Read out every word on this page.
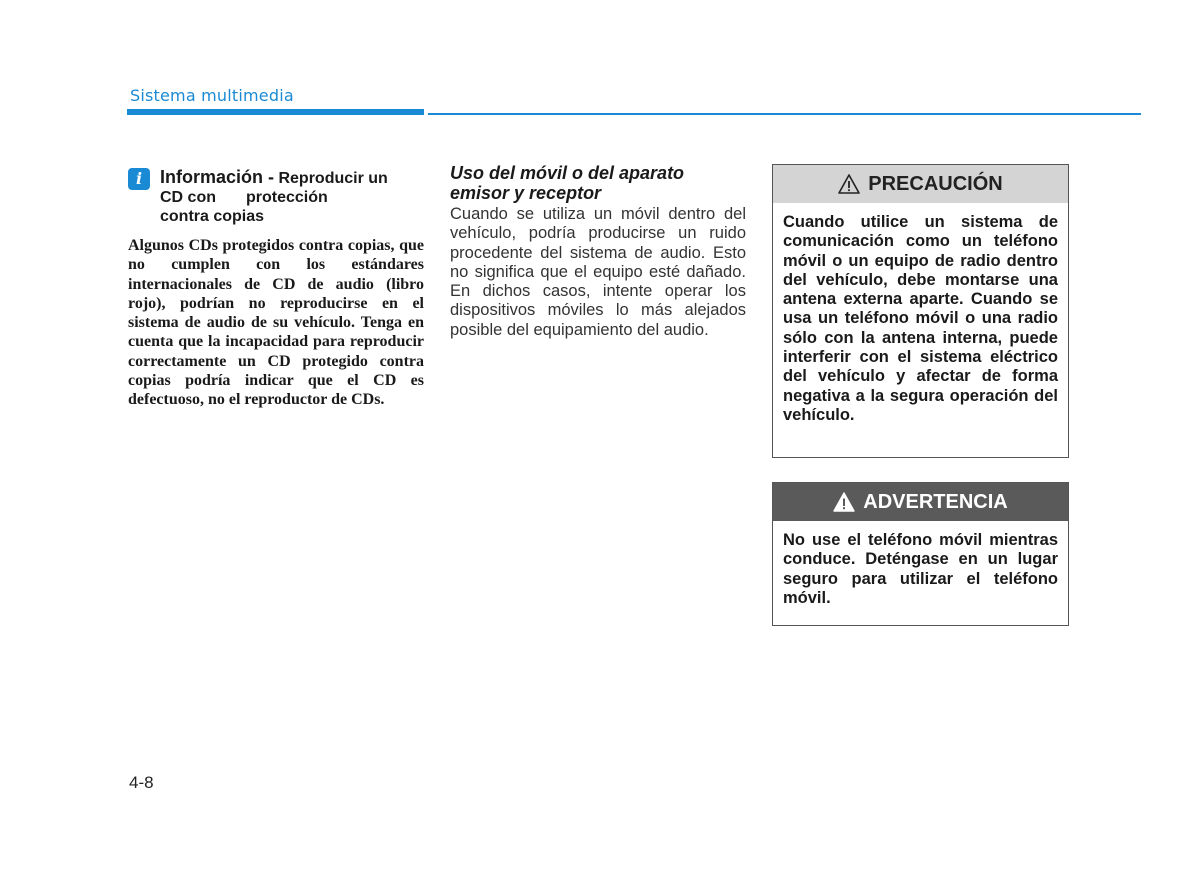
Sistema multimedia
i Información - Reproducir un
CD con protección
contra copias
Algunos CDs protegidos contra copias, que no cumplen con los estándares internacionales de CD de audio (libro rojo), podrían no reproducirse en el sistema de audio de su vehículo. Tenga en cuenta que la incapacidad para reproducir correctamente un CD protegido contra copias podría indicar que el CD es defectuoso, no el reproductor de CDs.
Uso del móvil o del aparato
emisor y receptor
Cuando se utiliza un móvil dentro del vehículo, podría producirse un ruido procedente del sistema de audio. Esto no significa que el equipo esté dañado. En dichos casos, intente operar los dispositivos móviles lo más alejados posible del equipamiento del audio.
PRECAUCIÓN
Cuando utilice un sistema de comunicación como un teléfono móvil o un equipo de radio dentro del vehículo, debe montarse una antena externa aparte. Cuando se usa un teléfono móvil o una radio sólo con la antena interna, puede interferir con el sistema eléctrico del vehículo y afectar de forma negativa a la segura operación del vehículo.
ADVERTENCIA
No use el teléfono móvil mientras conduce. Deténgase en un lugar seguro para utilizar el teléfono móvil.
4-8
